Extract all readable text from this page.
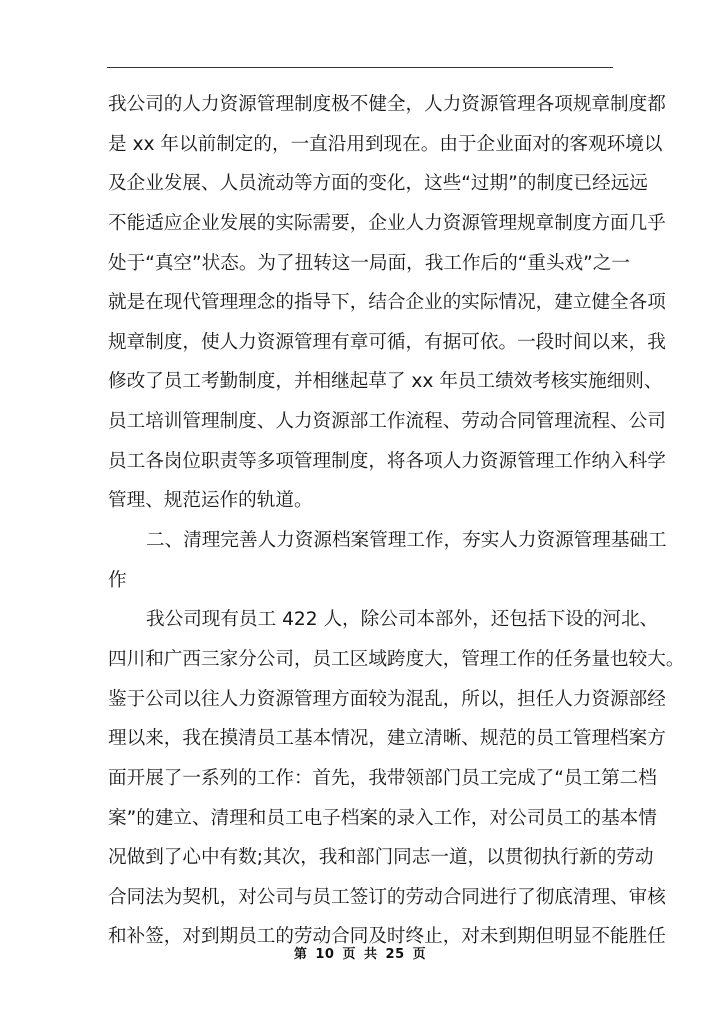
我公司的人力资源管理制度极不健全，人力资源管理各项规章制度都
是 xx 年以前制定的，一直沿用到现在。由于企业面对的客观环境以
及企业发展、人员流动等方面的变化，这些“过期”的制度已经远远
不能适应企业发展的实际需要，企业人力资源管理规章制度方面几乎
处于“真空”状态。为了扭转这一局面，我工作后的“重头戏”之一
就是在现代管理理念的指导下，结合企业的实际情况，建立健全各项
规章制度，使人力资源管理有章可循，有据可依。一段时间以来，我
修改了员工考勤制度，并相继起草了 xx 年员工绩效考核实施细则、
员工培训管理制度、人力资源部工作流程、劳动合同管理流程、公司
员工各岗位职责等多项管理制度，将各项人力资源管理工作纳入科学
管理、规范运作的轨道。
二、清理完善人力资源档案管理工作，夯实人力资源管理基础工
作
我公司现有员工 422 人，除公司本部外，还包括下设的河北、
四川和广西三家分公司，员工区域跨度大，管理工作的任务量也较大。
鉴于公司以往人力资源管理方面较为混乱，所以，担任人力资源部经
理以来，我在摸清员工基本情况，建立清晰、规范的员工管理档案方
面开展了一系列的工作：首先，我带领部门员工完成了“员工第二档
案”的建立、清理和员工电子档案的录入工作，对公司员工的基本情
况做到了心中有数;其次，我和部门同志一道，以贯彻执行新的劳动
合同法为契机，对公司与员工签订的劳动合同进行了彻底清理、审核
和补签，对到期员工的劳动合同及时终止，对未到期但明显不能胜任
第 10 页 共 25 页
